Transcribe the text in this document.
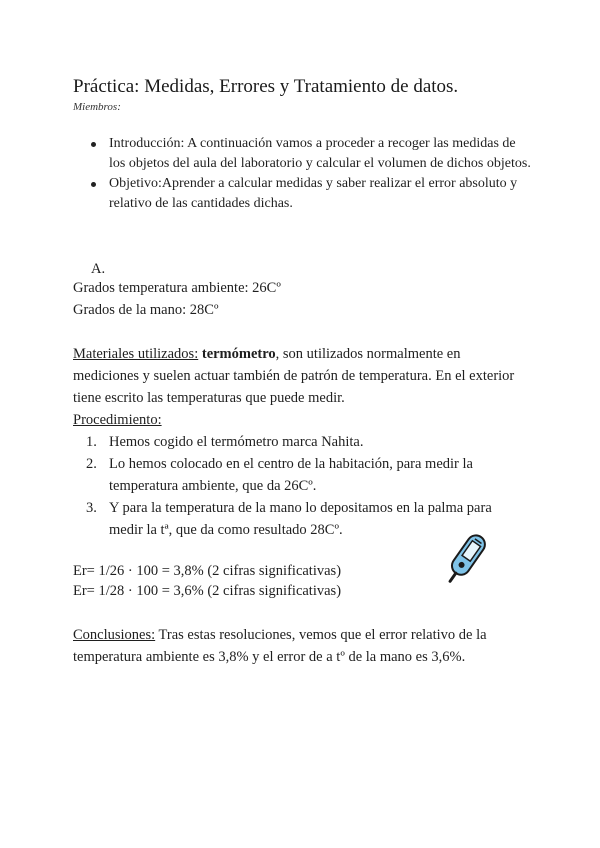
Práctica: Medidas, Errores y Tratamiento de datos.
Miembros:
Introducción: A continuación vamos a proceder a recoger las medidas de los objetos del aula del laboratorio y calcular el volumen de dichos objetos.
Objetivo:Aprender a calcular medidas y saber realizar el error absoluto y relativo de las cantidades dichas.
A.
Grados temperatura ambiente: 26Cº
Grados de la mano: 28Cº
Materiales utilizados: termómetro, son utilizados normalmente en mediciones y suelen actuar también de patrón de temperatura. En el exterior tiene escrito las temperaturas que puede medir.
Procedimiento:
1. Hemos cogido el termómetro marca Nahita.
2. Lo hemos colocado en el centro de la habitación, para medir la temperatura ambiente, que da 26Cº.
3. Y para la temperatura de la mano lo depositamos en la palma para medir la tª, que da como resultado 28Cº.
Er= 1/26 · 100 = 3,8% (2 cifras significativas)
Er= 1/28 · 100 = 3,6% (2 cifras significativas)
Conclusiones: Tras estas resoluciones, vemos que el error relativo de la temperatura ambiente es 3,8% y el error de a tº de la mano es 3,6%.
